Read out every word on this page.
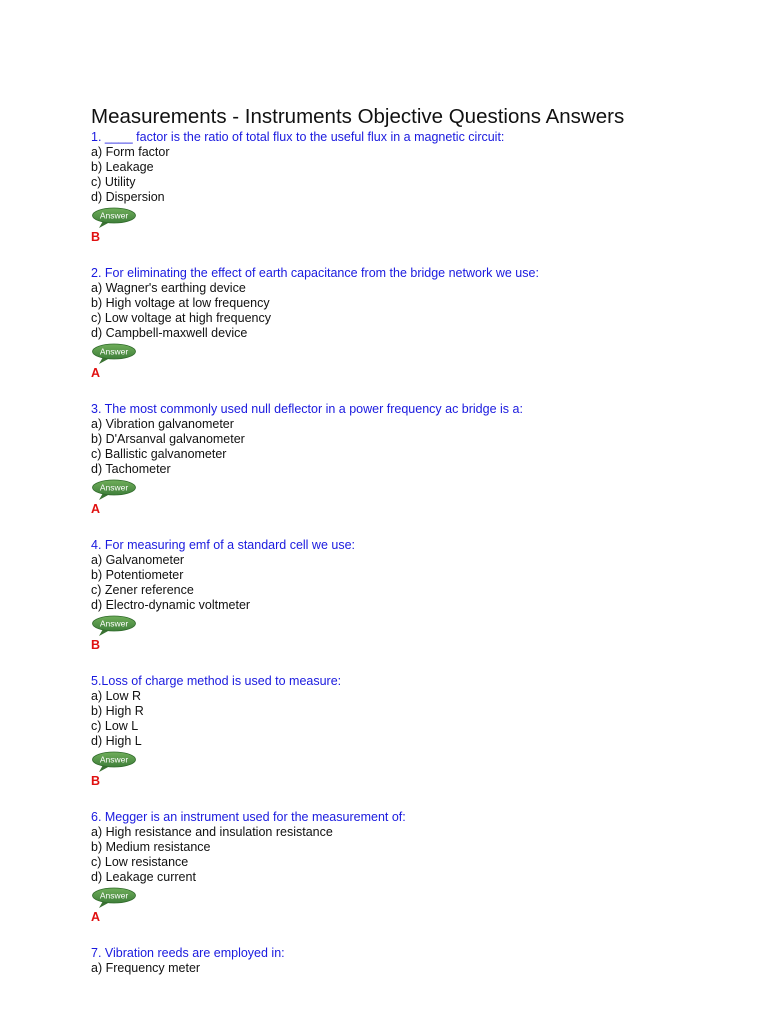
Measurements - Instruments Objective Questions Answers
1. ____ factor is the ratio of total flux to the useful flux in a magnetic circuit:
a) Form factor
b) Leakage
c) Utility
d) Dispersion
Answer
B
2. For eliminating the effect of earth capacitance from the bridge network we use:
a) Wagner's earthing device
b) High voltage at low frequency
c) Low voltage at high frequency
d) Campbell-maxwell device
Answer
A
3. The most commonly used null deflector in a power frequency ac bridge is a:
a) Vibration galvanometer
b) D'Arsanval galvanometer
c) Ballistic galvanometer
d) Tachometer
Answer
A
4. For measuring emf of a standard cell we use:
a) Galvanometer
b) Potentiometer
c) Zener reference
d) Electro-dynamic voltmeter
Answer
B
5.Loss of charge method is used to measure:
a) Low R
b) High R
c) Low L
d) High L
Answer
B
6. Megger is an instrument used for the measurement of:
a) High resistance and insulation resistance
b) Medium resistance
c) Low resistance
d) Leakage current
Answer
A
7. Vibration reeds are employed in:
a) Frequency meter
